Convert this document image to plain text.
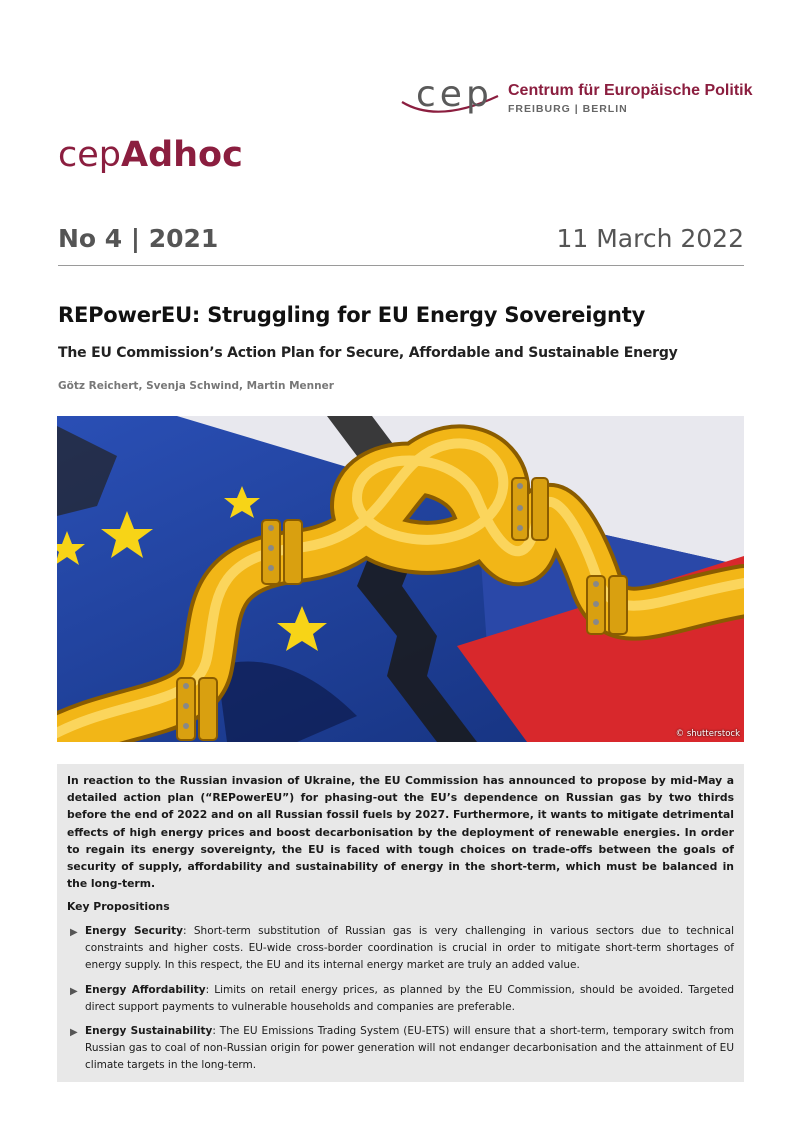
cep Centrum für Europäische Politik
FREIBURG | BERLIN
cepAdhoc
No 4 | 2021	11 March 2022
REPowerEU: Struggling for EU Energy Sovereignty
The EU Commission’s Action Plan for Secure, Affordable and Sustainable Energy
Götz Reichert, Svenja Schwind, Martin Menner
© shutterstock

In reaction to the Russian invasion of Ukraine, the EU Commission has announced to propose by mid-May a detailed action plan (“REPowerEU”) for phasing-out the EU’s dependence on Russian gas by two thirds before the end of 2022 and on all Russian fossil fuels by 2027. Furthermore, it wants to mitigate detrimental effects of high energy prices and boost decarbonisation by the deployment of renewable energies. In order to regain its energy sovereignty, the EU is faced with tough choices on trade-offs between the goals of security of supply, affordability and sustainability of energy in the short-term, which must be balanced in the long-term.

Key Propositions

▶ Energy Security: Short-term substitution of Russian gas is very challenging in various sectors due to technical constraints and higher costs. EU-wide cross-border coordination is crucial in order to mitigate short-term shortages of energy supply. In this respect, the EU and its internal energy market are truly an added value.
▶ Energy Affordability: Limits on retail energy prices, as planned by the EU Commission, should be avoided. Targeted direct support payments to vulnerable households and companies are preferable.
▶ Energy Sustainability: The EU Emissions Trading System (EU-ETS) will ensure that a short-term, temporary switch from Russian gas to coal of non-Russian origin for power generation will not endanger decarbonisation and the attainment of EU climate targets in the long-term.
